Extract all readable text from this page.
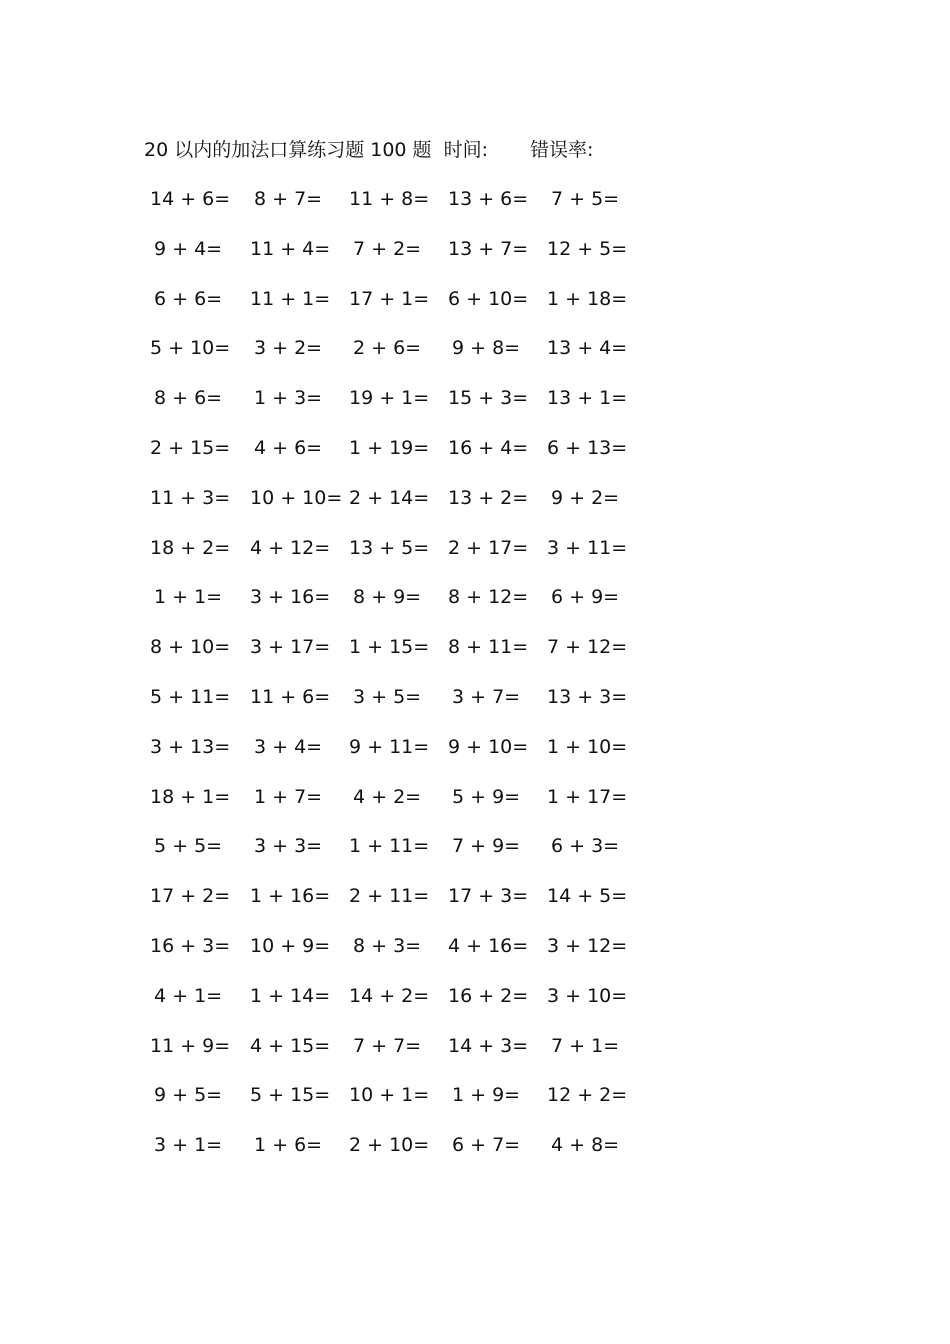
20 以内的加法口算练习题 100 题 时间: 错误率:
14 + 6= 8 + 7= 11 + 8= 13 + 6= 7 + 5=
9 + 4= 11 + 4= 7 + 2= 13 + 7= 12 + 5=
6 + 6= 11 + 1= 17 + 1= 6 + 10= 1 + 18=
5 + 10= 3 + 2= 2 + 6= 9 + 8= 13 + 4=
8 + 6= 1 + 3= 19 + 1= 15 + 3= 13 + 1=
2 + 15= 4 + 6= 1 + 19= 16 + 4= 6 + 13=
11 + 3= 10 + 10= 2 + 14= 13 + 2= 9 + 2=
18 + 2= 4 + 12= 13 + 5= 2 + 17= 3 + 11=
1 + 1= 3 + 16= 8 + 9= 8 + 12= 6 + 9=
8 + 10= 3 + 17= 1 + 15= 8 + 11= 7 + 12=
5 + 11= 11 + 6= 3 + 5= 3 + 7= 13 + 3=
3 + 13= 3 + 4= 9 + 11= 9 + 10= 1 + 10=
18 + 1= 1 + 7= 4 + 2= 5 + 9= 1 + 17=
5 + 5= 3 + 3= 1 + 11= 7 + 9= 6 + 3=
17 + 2= 1 + 16= 2 + 11= 17 + 3= 14 + 5=
16 + 3= 10 + 9= 8 + 3= 4 + 16= 3 + 12=
4 + 1= 1 + 14= 14 + 2= 16 + 2= 3 + 10=
11 + 9= 4 + 15= 7 + 7= 14 + 3= 7 + 1=
9 + 5= 5 + 15= 10 + 1= 1 + 9= 12 + 2=
3 + 1= 1 + 6= 2 + 10= 6 + 7= 4 + 8=
